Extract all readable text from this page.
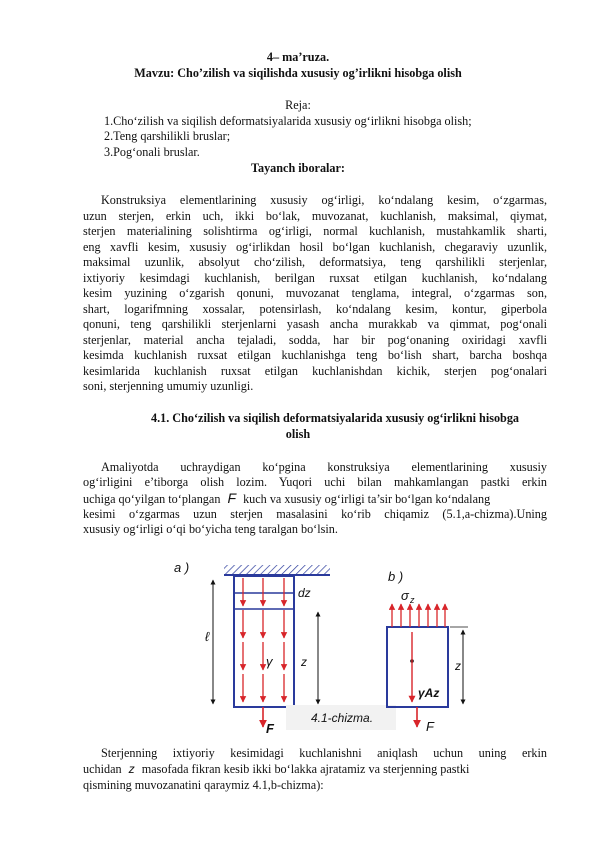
4– ma’ruza.
Mavzu: Cho’zilish va siqilishda xususiy og’irlikni hisobga olish
Reja:
1.Cho‘zilish va siqilish deformatsiyalarida xususiy og‘irlikni hisobga olish;
2.Teng qarshilikli bruslar;
3.Pog‘onali bruslar.
Tayanch iboralar:
Konstruksiya elementlarining xususiy og‘irligi, ko‘ndalang kesim, o‘zgarmas,
uzun sterjen, erkin uch, ikki bo‘lak, muvozanat, kuchlanish, maksimal, qiymat,
sterjen materialining solishtirma og‘irligi, normal kuchlanish, mustahkamlik sharti,
eng xavfli kesim, xususiy og‘irlikdan hosil bo‘lgan kuchlanish, chegaraviy uzunlik,
maksimal uzunlik, absolyut cho‘zilish, deformatsiya, teng qarshilikli sterjenlar,
ixtiyoriy kesimdagi kuchlanish, berilgan ruxsat etilgan kuchlanish, ko‘ndalang
kesim yuzining o‘zgarish qonuni, muvozanat tenglama, integral, o‘zgarmas son,
shart, logarifmning xossalar, potensirlash, ko‘ndalang kesim, kontur, giperbola
qonuni, teng qarshilikli sterjenlarni yasash ancha murakkab va qimmat, pog‘onali
sterjenlar, material ancha tejaladi, sodda, har bir pog‘onaning oxiridagi xavfli
kesimda kuchlanish ruxsat etilgan kuchlanishga teng bo‘lish shart, barcha boshqa
kesimlarida kuchlanish ruxsat etilgan kuchlanishdan kichik, sterjen pog‘onalari
soni, sterjenning umumiy uzunligi.
4.1. Cho‘zilish va siqilish deformatsiyalarida xususiy og‘irlikni hisobga
olish
Amaliyotda uchraydigan ko‘pgina konstruksiya elementlarining xususiy
og‘irligini e’tiborga olish lozim. Yuqori uchi bilan mahkamlangan pastki erkin
uchiga qo‘yilgan to‘plangan F kuch va xususiy og‘irligi ta’sir bo‘lgan ko‘ndalang
kesimi o‘zgarmas uzun sterjen masalasini ko‘rib chiqamiz (5.1,a-chizma).Uning
xususiy og‘irligi o‘qi bo‘yicha teng taralgan bo‘lsin.
a )
b )
ℓ
dz
z
γ
F
4.1-chizma.
σ z
γAz
z
F
Sterjenning ixtiyoriy kesimidagi kuchlanishni aniqlash uchun uning erkin
uchidan z masofada fikran kesib ikki bo‘lakka ajratamiz va sterjenning pastki
qismining muvozanatini qaraymiz 4.1,b-chizma):
